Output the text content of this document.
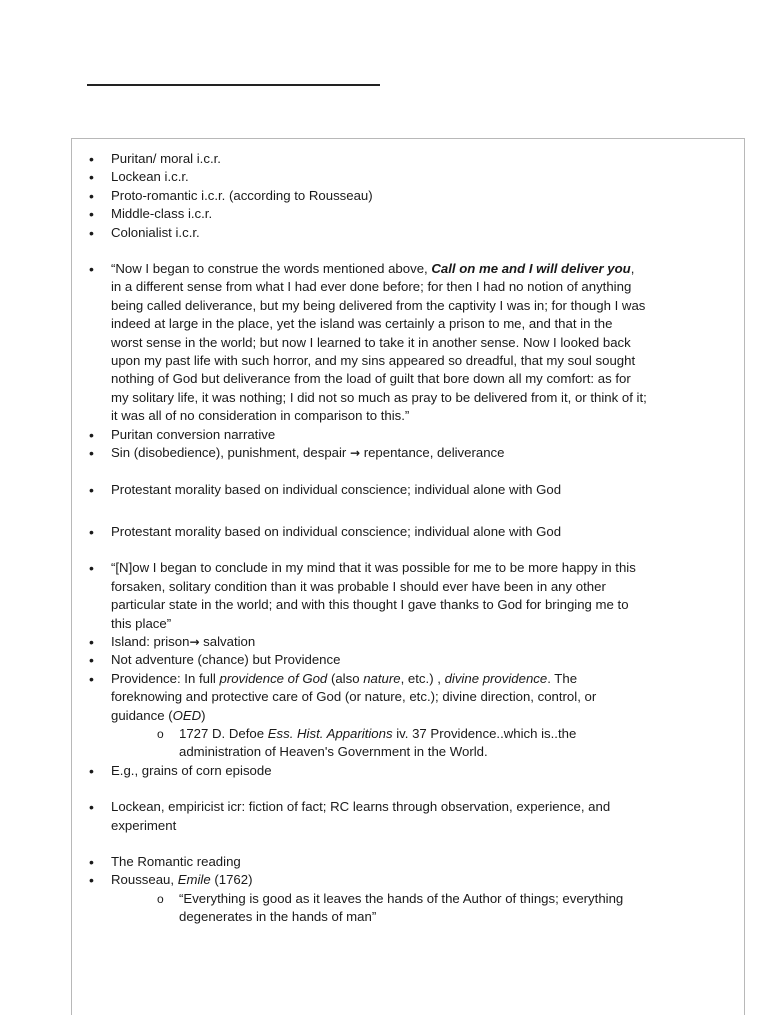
• Puritan/ moral i.c.r.
• Lockean i.c.r.
• Proto-romantic i.c.r. (according to Rousseau)
• Middle-class i.c.r.
• Colonialist i.c.r.
• “Now I began to construe the words mentioned above, Call on me and I will deliver you, in a different sense from what I had ever done before; for then I had no notion of anything being called deliverance, but my being delivered from the captivity I was in; for though I was indeed at large in the place, yet the island was certainly a prison to me, and that in the worst sense in the world; but now I learned to take it in another sense. Now I looked back upon my past life with such horror, and my sins appeared so dreadful, that my soul sought nothing of God but deliverance from the load of guilt that bore down all my comfort: as for my solitary life, it was nothing; I did not so much as pray to be delivered from it, or think of it; it was all of no consideration in comparison to this.”
• Puritan conversion narrative
• Sin (disobedience), punishment, despair → repentance, deliverance
• Protestant morality based on individual conscience; individual alone with God
• Protestant morality based on individual conscience; individual alone with God
• “[N]ow I began to conclude in my mind that it was possible for me to be more happy in this forsaken, solitary condition than it was probable I should ever have been in any other particular state in the world; and with this thought I gave thanks to God for bringing me to this place”
• Island: prison→ salvation
• Not adventure (chance) but Providence
• Providence: In full providence of God (also nature, etc.) , divine providence. The foreknowing and protective care of God (or nature, etc.); divine direction, control, or guidance (OED)
o 1727 D. Defoe Ess. Hist. Apparitions iv. 37 Providence..which is..the administration of Heaven's Government in the World.
• E.g., grains of corn episode
• Lockean, empiricist icr: fiction of fact; RC learns through observation, experience, and experiment
• The Romantic reading
• Rousseau, Emile (1762)
o “Everything is good as it leaves the hands of the Author of things; everything degenerates in the hands of man”
